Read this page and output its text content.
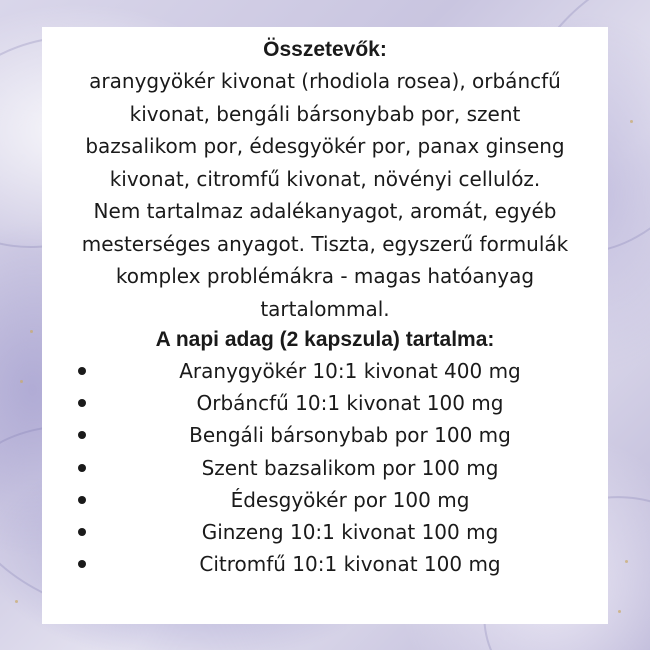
Összetevők:

aranygyökér kivonat (rhodiola rosea), orbáncfű
kivonat, bengáli bársonybab por, szent
bazsalikom por, édesgyökér por, panax ginseng
kivonat, citromfű kivonat, növényi cellulóz.
Nem tartalmaz adalékanyagot, aromát, egyéb
mesterséges anyagot. Tiszta, egyszerű formulák
komplex problémákra - magas hatóanyag
tartalommal.

A napi adag (2 kapszula) tartalma:

Aranygyökér 10:1 kivonat 400 mg
Orbáncfű 10:1 kivonat 100 mg
Bengáli bársonybab por 100 mg
Szent bazsalikom por 100 mg
Édesgyökér por 100 mg
Ginzeng 10:1 kivonat 100 mg
Citromfű 10:1 kivonat 100 mg
